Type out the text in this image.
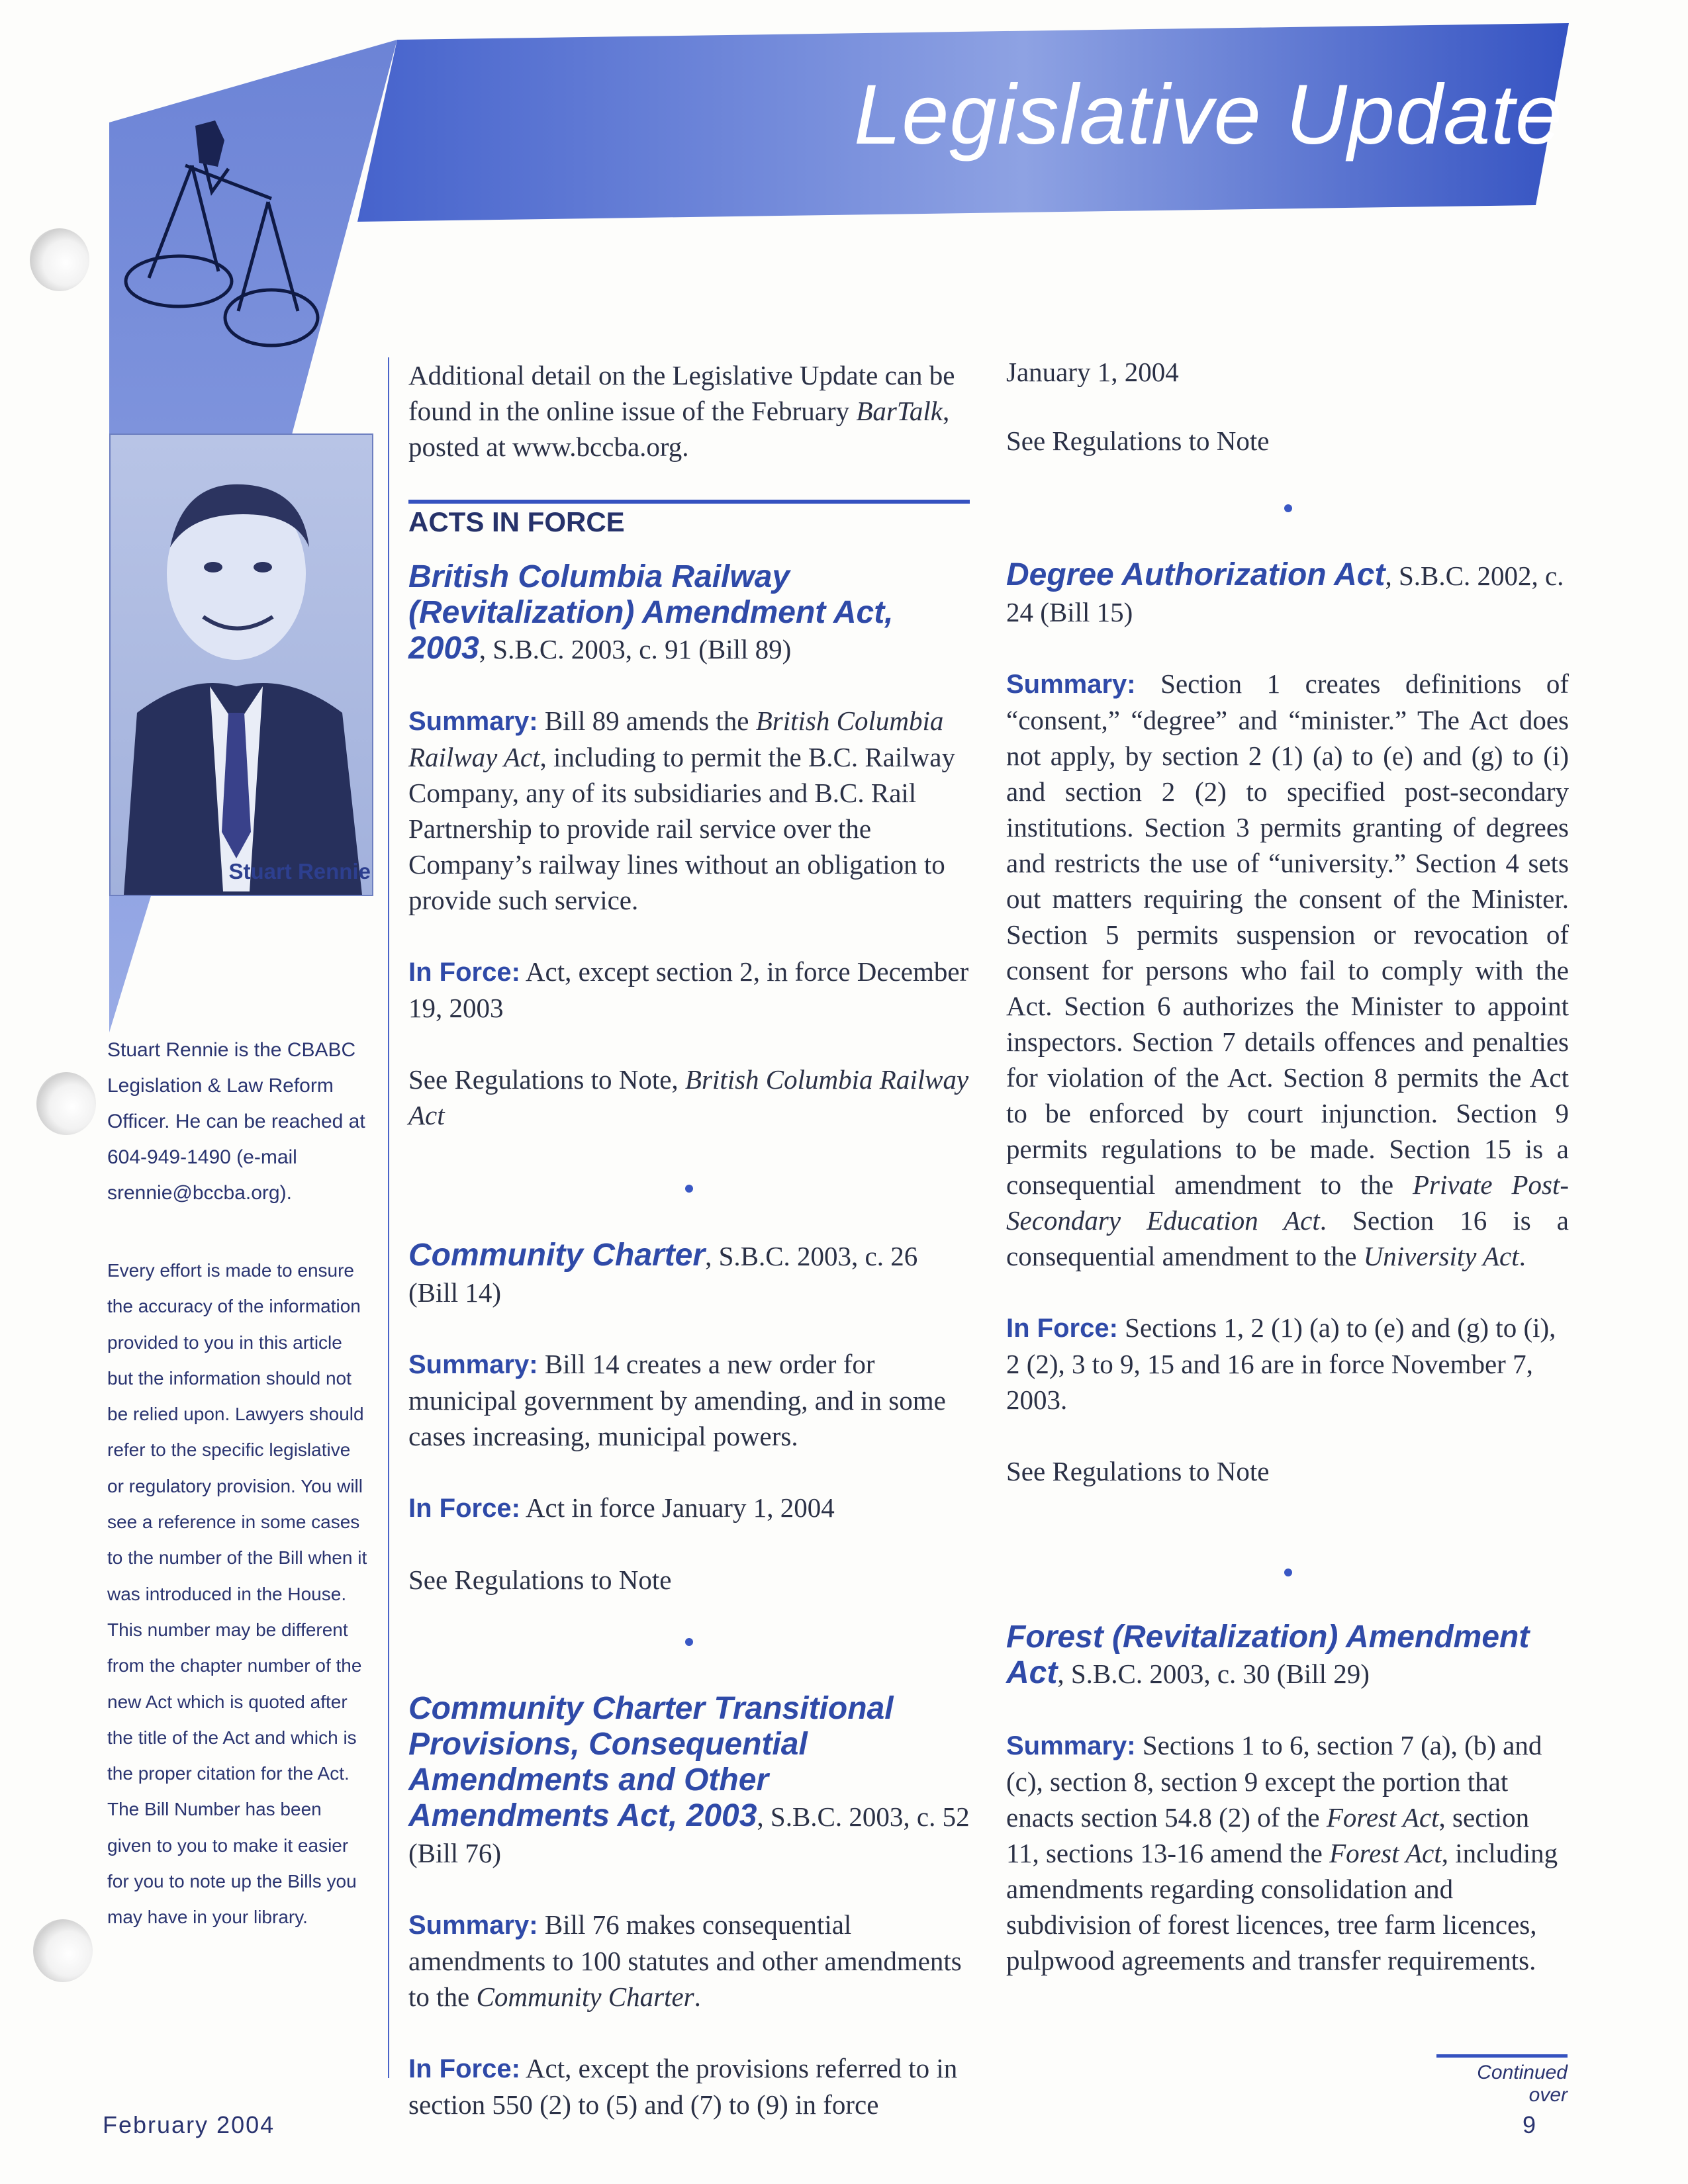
Legislative Update
Stuart Rennie
Stuart Rennie is the CBABC Legislation & Law Reform Officer. He can be reached at 604-949-1490 (e-mail srennie@bccba.org).
Every effort is made to ensure the accuracy of the information provided to you in this article but the information should not be relied upon. Lawyers should refer to the specific legislative or regulatory provision. You will see a reference in some cases to the number of the Bill when it was introduced in the House. This number may be different from the chapter number of the new Act which is quoted after the title of the Act and which is the proper citation for the Act. The Bill Number has been given to you to make it easier for you to note up the Bills you may have in your library.

Additional detail on the Legislative Update can be found in the online issue of the February BarTalk, posted at www.bccba.org.

ACTS IN FORCE

British Columbia Railway (Revitalization) Amendment Act, 2003, S.B.C. 2003, c. 91 (Bill 89)

Summary: Bill 89 amends the British Columbia Railway Act, including to permit the B.C. Railway Company, any of its subsidiaries and B.C. Rail Partnership to provide rail service over the Company’s railway lines without an obligation to provide such service.

In Force: Act, except section 2, in force December 19, 2003

See Regulations to Note, British Columbia Railway Act

Community Charter, S.B.C. 2003, c. 26 (Bill 14)

Summary: Bill 14 creates a new order for municipal government by amending, and in some cases increasing, municipal powers.

In Force: Act in force January 1, 2004

See Regulations to Note

Community Charter Transitional Provisions, Consequential Amendments and Other Amendments Act, 2003, S.B.C. 2003, c. 52 (Bill 76)

Summary: Bill 76 makes consequential amendments to 100 statutes and other amendments to the Community Charter.

In Force: Act, except the provisions referred to in section 550 (2) to (5) and (7) to (9) in force

January 1, 2004

See Regulations to Note

Degree Authorization Act, S.B.C. 2002, c. 24 (Bill 15)

Summary: Section 1 creates definitions of “consent,” “degree” and “minister.” The Act does not apply, by section 2 (1) (a) to (e) and (g) to (i) and section 2 (2) to specified post-secondary institutions. Section 3 permits granting of degrees and restricts the use of “university.” Section 4 sets out matters requiring the consent of the Minister. Section 5 permits suspension or revocation of consent for persons who fail to comply with the Act. Section 6 authorizes the Minister to appoint inspectors. Section 7 details offences and penalties for violation of the Act. Section 8 permits the Act to be enforced by court injunction. Section 9 permits regulations to be made. Section 15 is a consequential amendment to the Private Post-Secondary Education Act. Section 16 is a consequential amendment to the University Act.

In Force: Sections 1, 2 (1) (a) to (e) and (g) to (i), 2 (2), 3 to 9, 15 and 16 are in force November 7, 2003.

See Regulations to Note

Forest (Revitalization) Amendment Act, S.B.C. 2003, c. 30 (Bill 29)

Summary: Sections 1 to 6, section 7 (a), (b) and (c), section 8, section 9 except the portion that enacts section 54.8 (2) of the Forest Act, section 11, sections 13-16 amend the Forest Act, including amendments regarding consolidation and subdivision of forest licences, tree farm licences, pulpwood agreements and transfer requirements.

Continued over
February 2004	9
